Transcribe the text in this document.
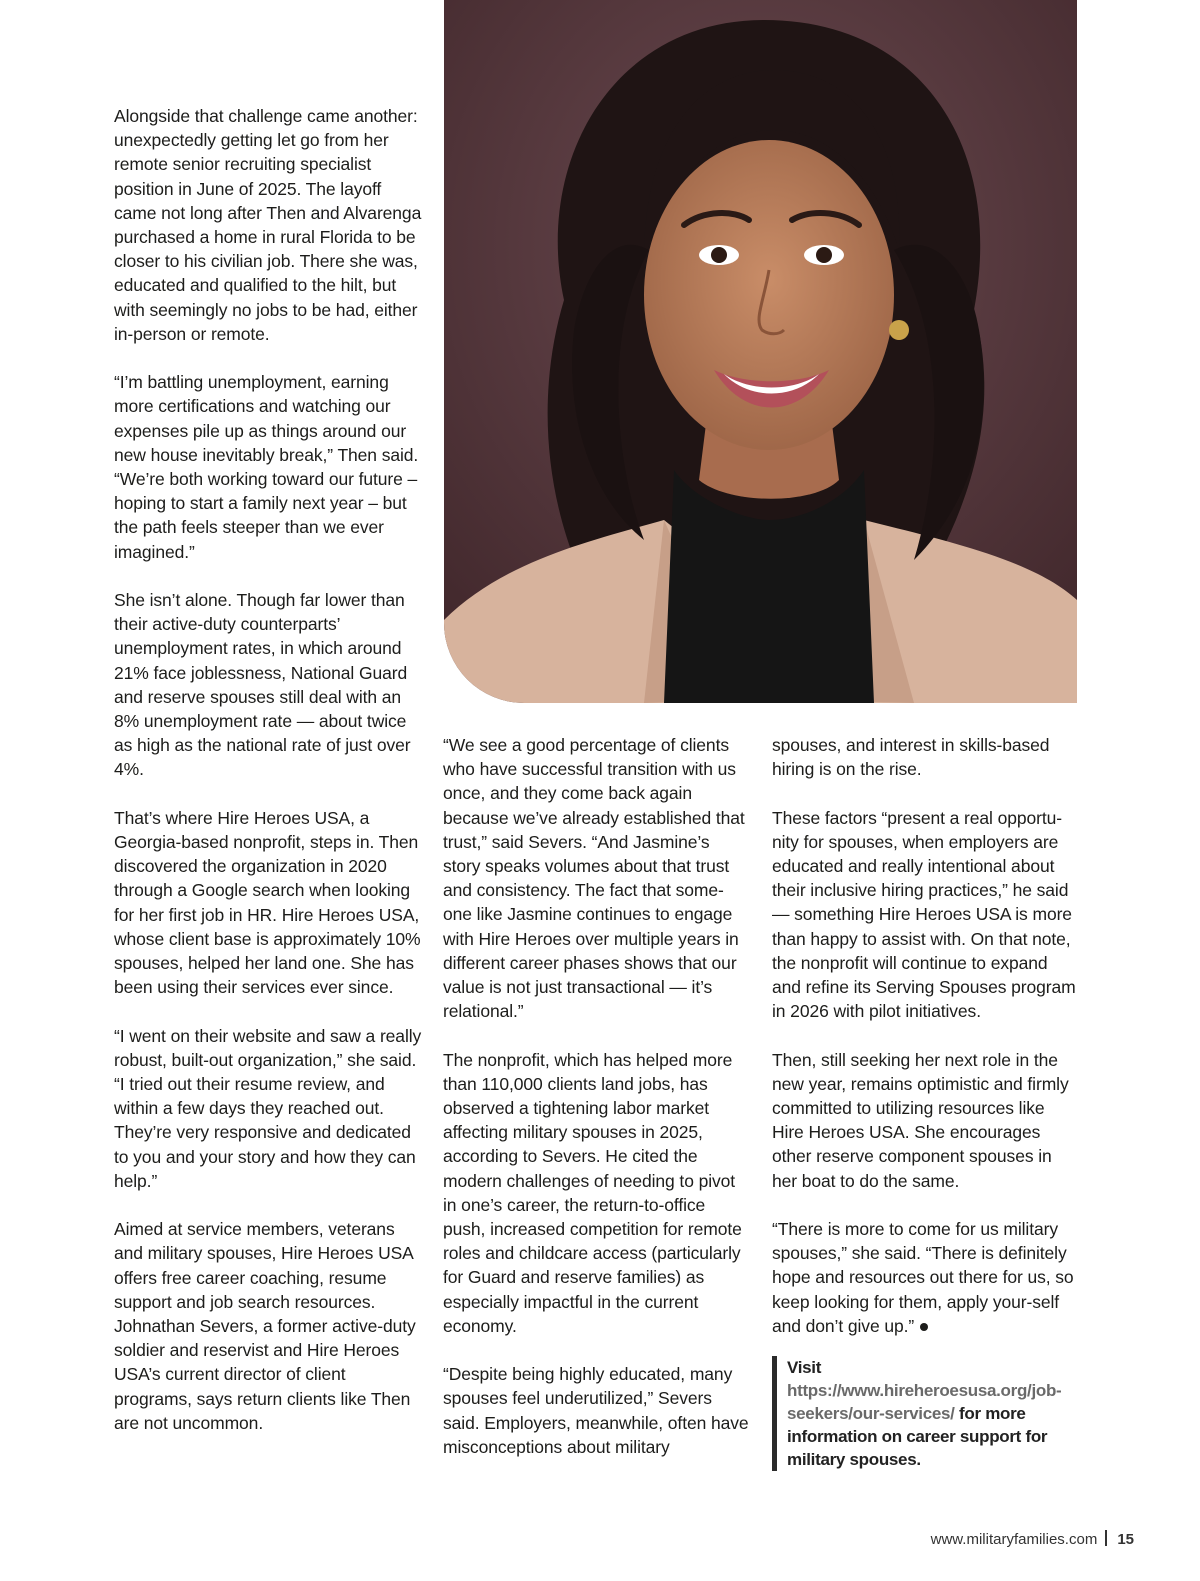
Alongside that challenge came another: unexpectedly getting let go from her remote senior recruiting specialist position in June of 2025. The layoff came not long after Then and Alvarenga purchased a home in rural Florida to be closer to his civilian job. There she was, educated and qualified to the hilt, but with seemingly no jobs to be had, either in-person or remote.

“I’m battling unemployment, earning more certifications and watching our expenses pile up as things around our new house inevitably break,” Then said. “We’re both working toward our future – hoping to start a family next year – but the path feels steeper than we ever imagined.”

She isn’t alone. Though far lower than their active-duty counterparts’ unemployment rates, in which around 21% face joblessness, National Guard and reserve spouses still deal with an 8% unemployment rate — about twice as high as the national rate of just over 4%.

That’s where Hire Heroes USA, a Georgia-based nonprofit, steps in. Then discovered the organization in 2020 through a Google search when looking for her first job in HR. Hire Heroes USA, whose client base is approximately 10% spouses, helped her land one. She has been using their services ever since.

“I went on their website and saw a really robust, built-out organization,” she said. “I tried out their resume review, and within a few days they reached out. They’re very responsive and dedicated to you and your story and how they can help.”

Aimed at service members, veterans and military spouses, Hire Heroes USA offers free career coaching, resume support and job search resources. Johnathan Severs, a former active-duty soldier and reservist and Hire Heroes USA’s current director of client programs, says return clients like Then are not uncommon.

“We see a good percentage of clients who have successful transition with us once, and they come back again because we’ve already established that trust,” said Severs. “And Jasmine’s story speaks volumes about that trust and consistency. The fact that some-one like Jasmine continues to engage with Hire Heroes over multiple years in different career phases shows that our value is not just transactional — it’s relational.”

The nonprofit, which has helped more than 110,000 clients land jobs, has observed a tightening labor market affecting military spouses in 2025, according to Severs. He cited the modern challenges of needing to pivot in one’s career, the return-to-office push, increased competition for remote roles and childcare access (particularly for Guard and reserve families) as especially impactful in the current economy.

“Despite being highly educated, many spouses feel underutilized,” Severs said. Employers, meanwhile, often have misconceptions about military

spouses, and interest in skills-based hiring is on the rise.

These factors “present a real opportu-nity for spouses, when employers are educated and really intentional about their inclusive hiring practices,” he said — something Hire Heroes USA is more than happy to assist with. On that note, the nonprofit will continue to expand and refine its Serving Spouses program in 2026 with pilot initiatives.

Then, still seeking her next role in the new year, remains optimistic and firmly committed to utilizing resources like Hire Heroes USA. She encourages other reserve component spouses in her boat to do the same.

“There is more to come for us military spouses,” she said. “There is definitely hope and resources out there for us, so keep looking for them, apply your-self and don’t give up.”

Visit https://www.hireheroesusa.org/job-seekers/our-services/ for more information on career support for military spouses.

www.militaryfamilies.com 15
